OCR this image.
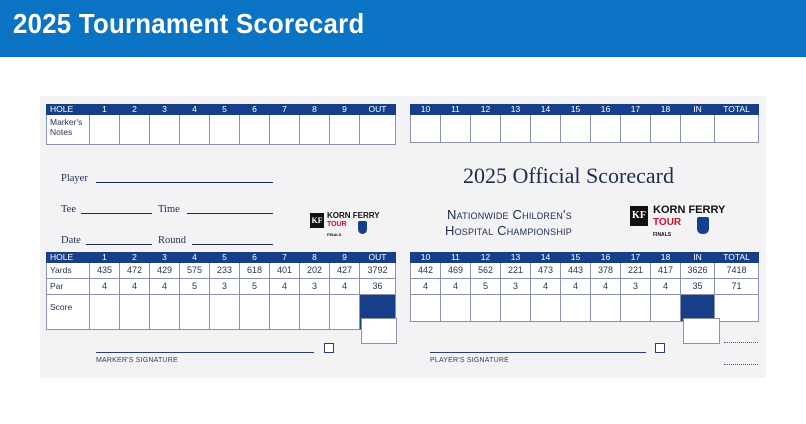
2025 Tournament Scorecard
HOLE	1	2	3	4	5	6	7	8	9	OUT
Marker's
Notes										
10	11	12	13	14	15	16	17	18	IN	TOTAL

HOLE	1	2	3	4	5	6	7	8	9	OUT
Yards	435	472	429	575	233	618	401	202	427	3792
Par	4	4	4	5	3	5	4	3	4	36
Score										
10	11	12	13	14	15	16	17	18	IN	TOTAL
442	469	562	221	473	443	378	221	417	3626	7418
4	4	5	3	4	4	4	3	4	35	71

Player
Tee	Time
Date	Round
KF
KORN FERRY
TOUR
FINALS
2025 Official Scorecard
Nationwide Children's
Hospital Championship
KF KORN FERRY
TOUR
FINALS
MARKER'S SIGNATURE	PLAYER'S SIGNATURE
